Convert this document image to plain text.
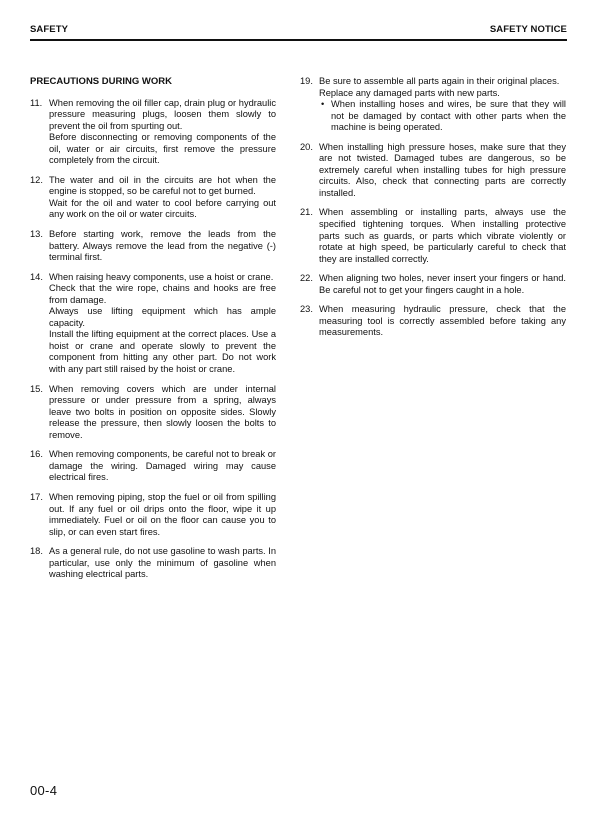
SAFETY	SAFETY NOTICE
PRECAUTIONS DURING WORK
11. When removing the oil filler cap, drain plug or hydraulic pressure measuring plugs, loosen them slowly to prevent the oil from spurting out.
Before disconnecting or removing components of the oil, water or air circuits, first remove the pressure completely from the circuit.
12. The water and oil in the circuits are hot when the engine is stopped, so be careful not to get burned.
Wait for the oil and water to cool before carrying out any work on the oil or water circuits.
13. Before starting work, remove the leads from the battery. Always remove the lead from the negative (-) terminal first.
14. When raising heavy components, use a hoist or crane.
Check that the wire rope, chains and hooks are free from damage.
Always use lifting equipment which has ample capacity.
Install the lifting equipment at the correct places. Use a hoist or crane and operate slowly to prevent the component from hitting any other part. Do not work with any part still raised by the hoist or crane.
15. When removing covers which are under internal pressure or under pressure from a spring, always leave two bolts in position on opposite sides. Slowly release the pressure, then slowly loosen the bolts to remove.
16. When removing components, be careful not to break or damage the wiring. Damaged wiring may cause electrical fires.
17. When removing piping, stop the fuel or oil from spilling out. If any fuel or oil drips onto the floor, wipe it up immediately. Fuel or oil on the floor can cause you to slip, or can even start fires.
18. As a general rule, do not use gasoline to wash parts. In particular, use only the minimum of gasoline when washing electrical parts.
19. Be sure to assemble all parts again in their original places.
Replace any damaged parts with new parts.
• When installing hoses and wires, be sure that they will not be damaged by contact with other parts when the machine is being operated.
20. When installing high pressure hoses, make sure that they are not twisted. Damaged tubes are dangerous, so be extremely careful when installing tubes for high pressure circuits. Also, check that connecting parts are correctly installed.
21. When assembling or installing parts, always use the specified tightening torques. When installing protective parts such as guards, or parts which vibrate violently or rotate at high speed, be particularly careful to check that they are installed correctly.
22. When aligning two holes, never insert your fingers or hand. Be careful not to get your fingers caught in a hole.
23. When measuring hydraulic pressure, check that the measuring tool is correctly assembled before taking any measurements.
00-4
